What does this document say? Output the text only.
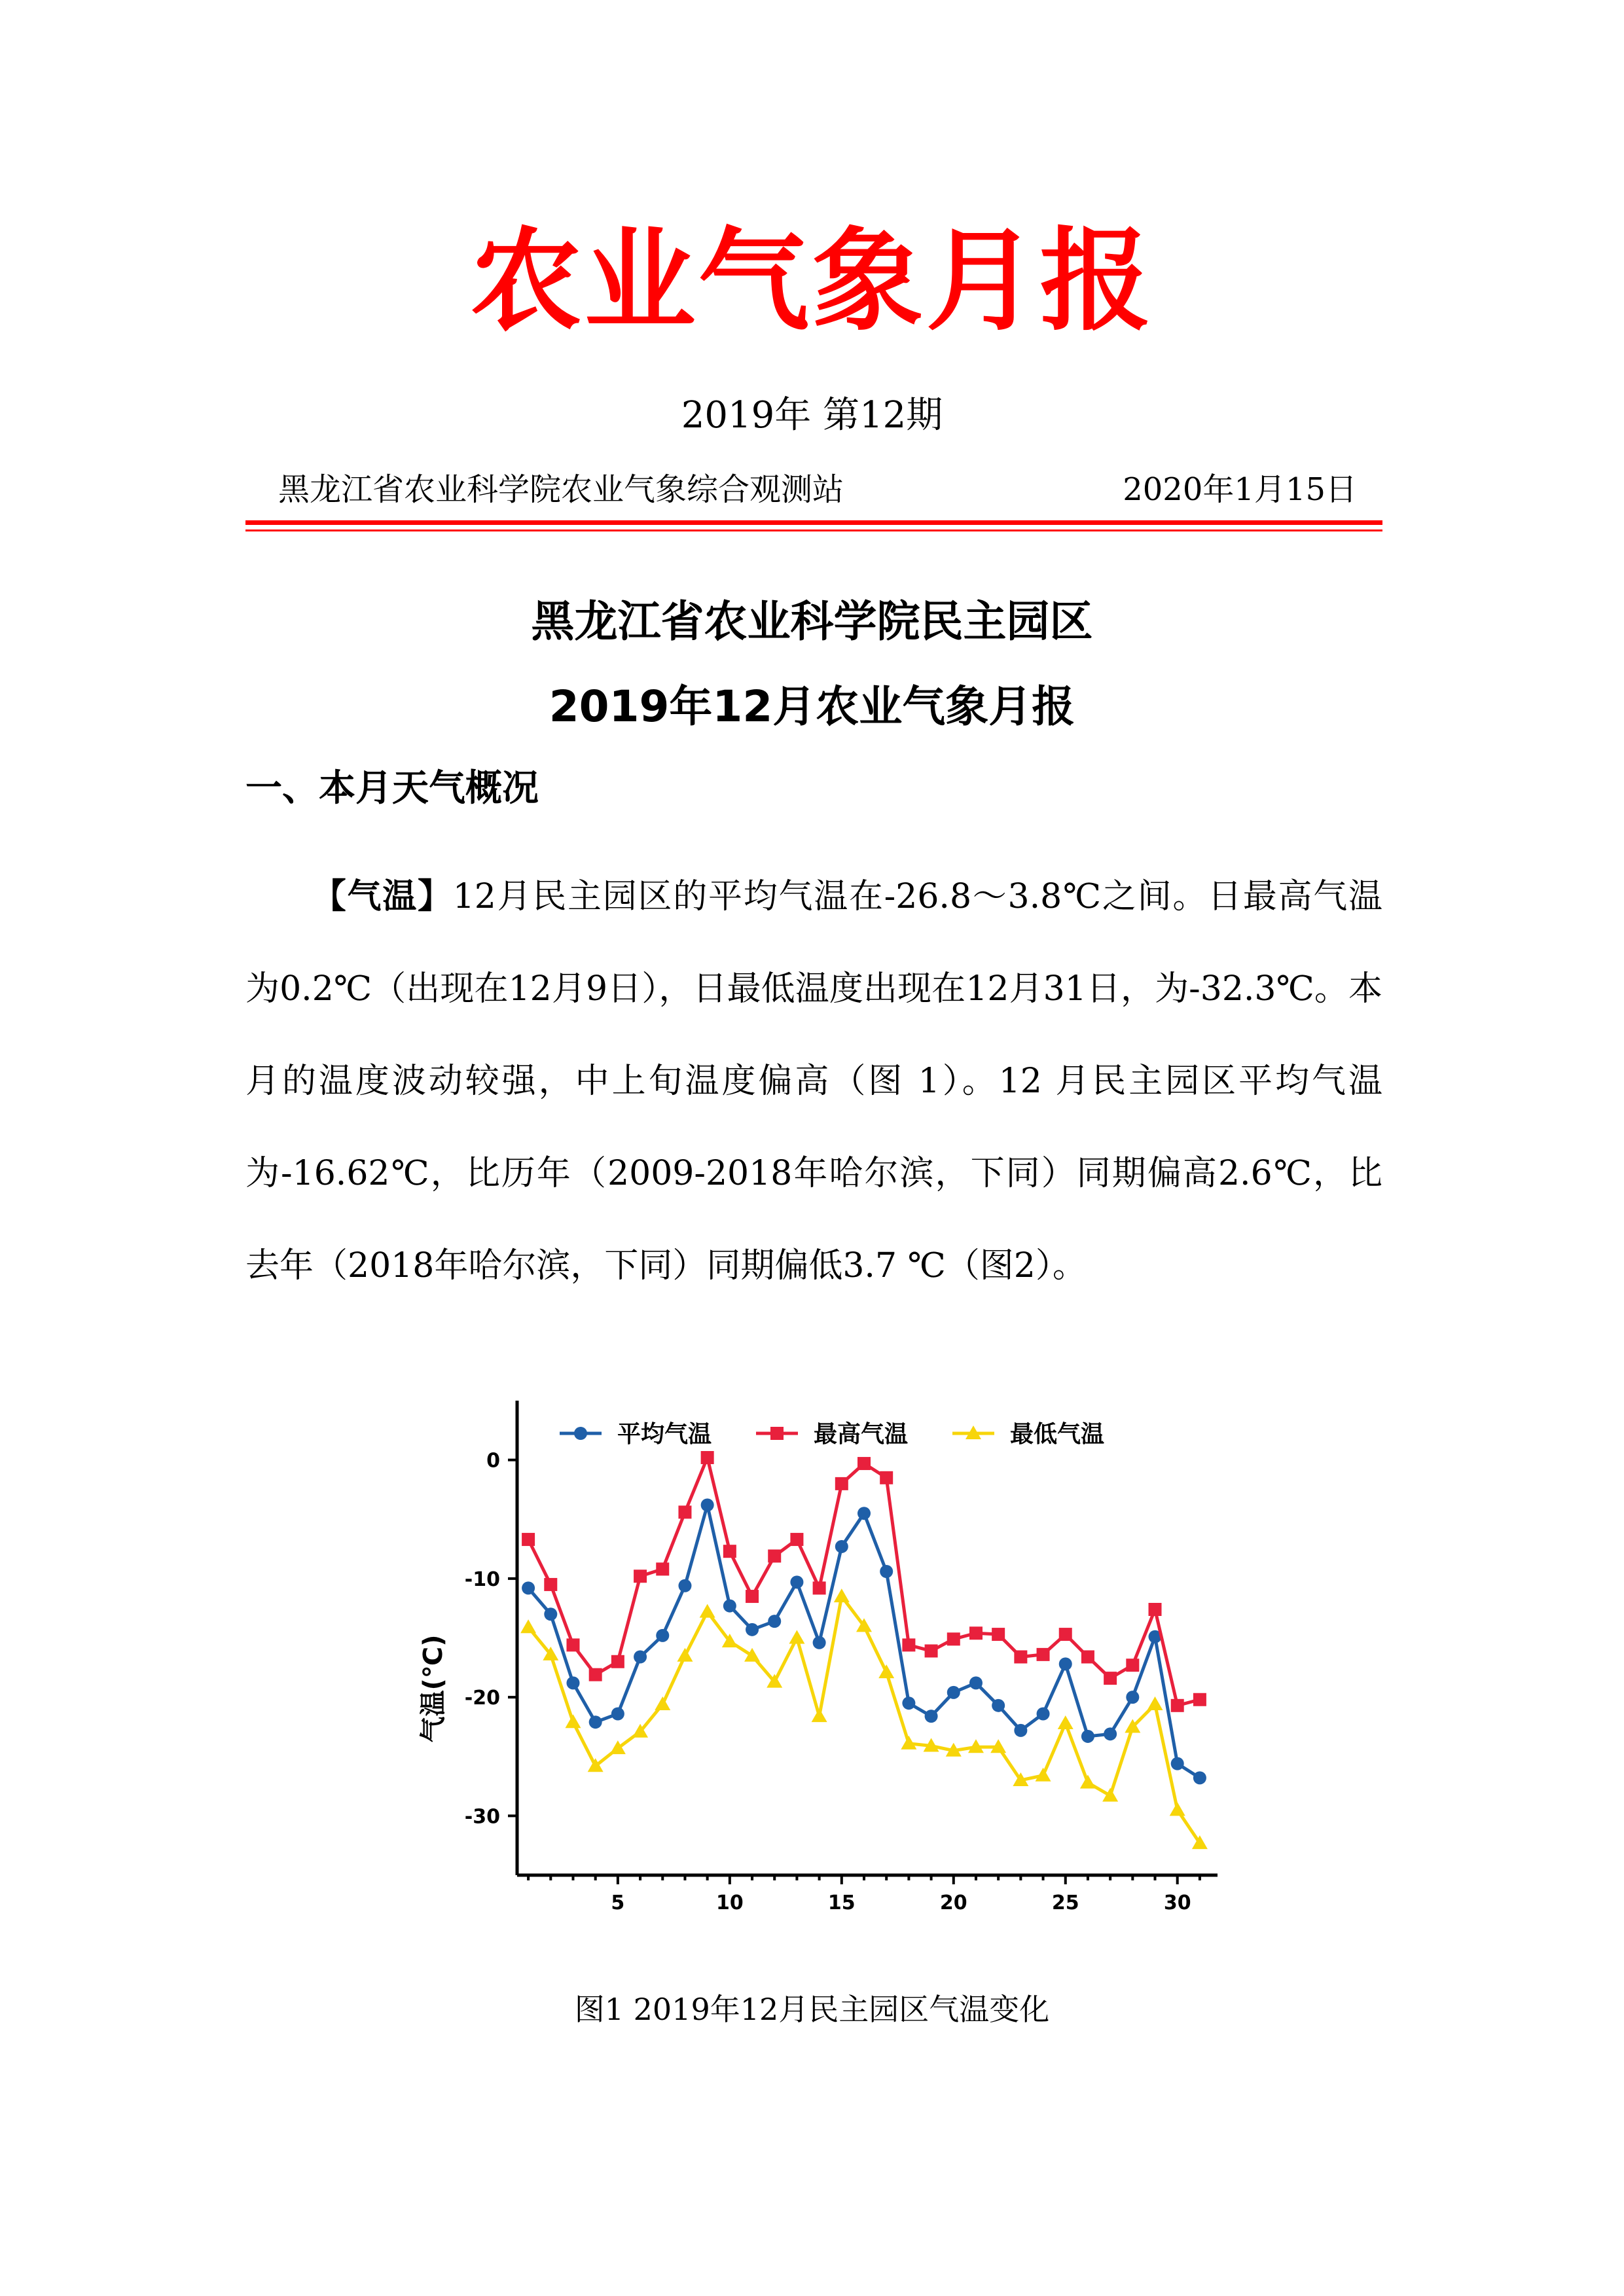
农业气象月报
2019年 第12期
黑龙江省农业科学院农业气象综合观测站	2020年1月15日
黑龙江省农业科学院民主园区
2019年12月农业气象月报
一、本月天气概况
【气温】12月民主园区的平均气温在-26.8～3.8℃之间。日最高气温为0.2℃（出现在12月9日），日最低温度出现在12月31日，为-32.3℃。本月的温度波动较强，中上旬温度偏高（图 1）。12 月民主园区平均气温为-16.62℃，比历年（2009-2018年哈尔滨，下同）同期偏高2.6℃，比去年（2018年哈尔滨，下同）同期偏低3.7 ℃（图2）。
平均气温	最高气温	最低气温
0
-10
-20
-30
5	10	15	20	25	30
气温(℃)
图1 2019年12月民主园区气温变化
